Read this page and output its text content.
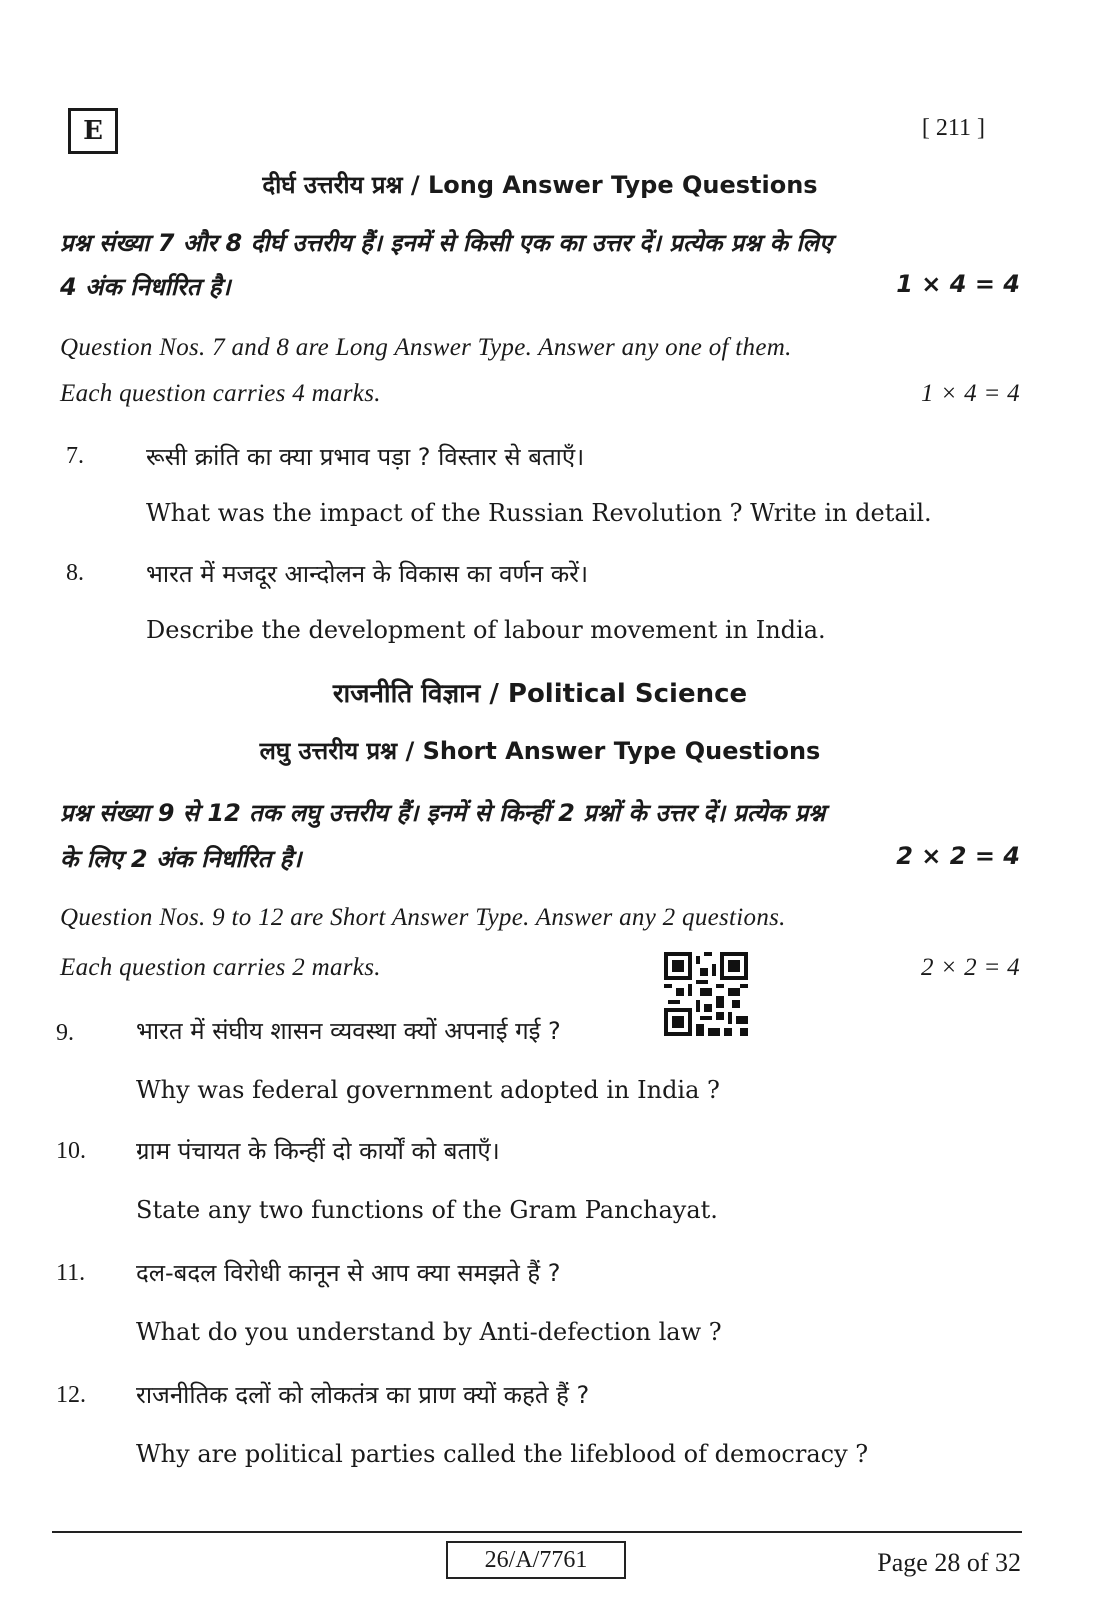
E	[ 211 ]
दीर्घ उत्तरीय प्रश्न / Long Answer Type Questions
प्रश्न संख्या 7 और 8 दीर्घ उत्तरीय हैं। इनमें से किसी एक का उत्तर दें। प्रत्येक प्रश्न के लिए
4 अंक निर्धारित है।	1 × 4 = 4
Question Nos. 7 and 8 are Long Answer Type. Answer any one of them.
Each question carries 4 marks.	1 × 4 = 4
7.	रूसी क्रांति का क्या प्रभाव पड़ा ? विस्तार से बताएँ।
What was the impact of the Russian Revolution ? Write in detail.
8.	भारत में मजदूर आन्दोलन के विकास का वर्णन करें।
Describe the development of labour movement in India.
राजनीति विज्ञान / Political Science
लघु उत्तरीय प्रश्न / Short Answer Type Questions
प्रश्न संख्या 9 से 12 तक लघु उत्तरीय हैं। इनमें से किन्हीं 2 प्रश्नों के उत्तर दें। प्रत्येक प्रश्न
के लिए 2 अंक निर्धारित है।	2 × 2 = 4
Question Nos. 9 to 12 are Short Answer Type. Answer any 2 questions.
Each question carries 2 marks.	2 × 2 = 4
9.	भारत में संघीय शासन व्यवस्था क्यों अपनाई गई ?
Why was federal government adopted in India ?
10. ग्राम पंचायत के किन्हीं दो कार्यों को बताएँ।
State any two functions of the Gram Panchayat.
11. दल-बदल विरोधी कानून से आप क्या समझते हैं ?
What do you understand by Anti-defection law ?
12. राजनीतिक दलों को लोकतंत्र का प्राण क्यों कहते हैं ?
Why are political parties called the lifeblood of democracy ?
26/A/7761	Page 28 of 32
